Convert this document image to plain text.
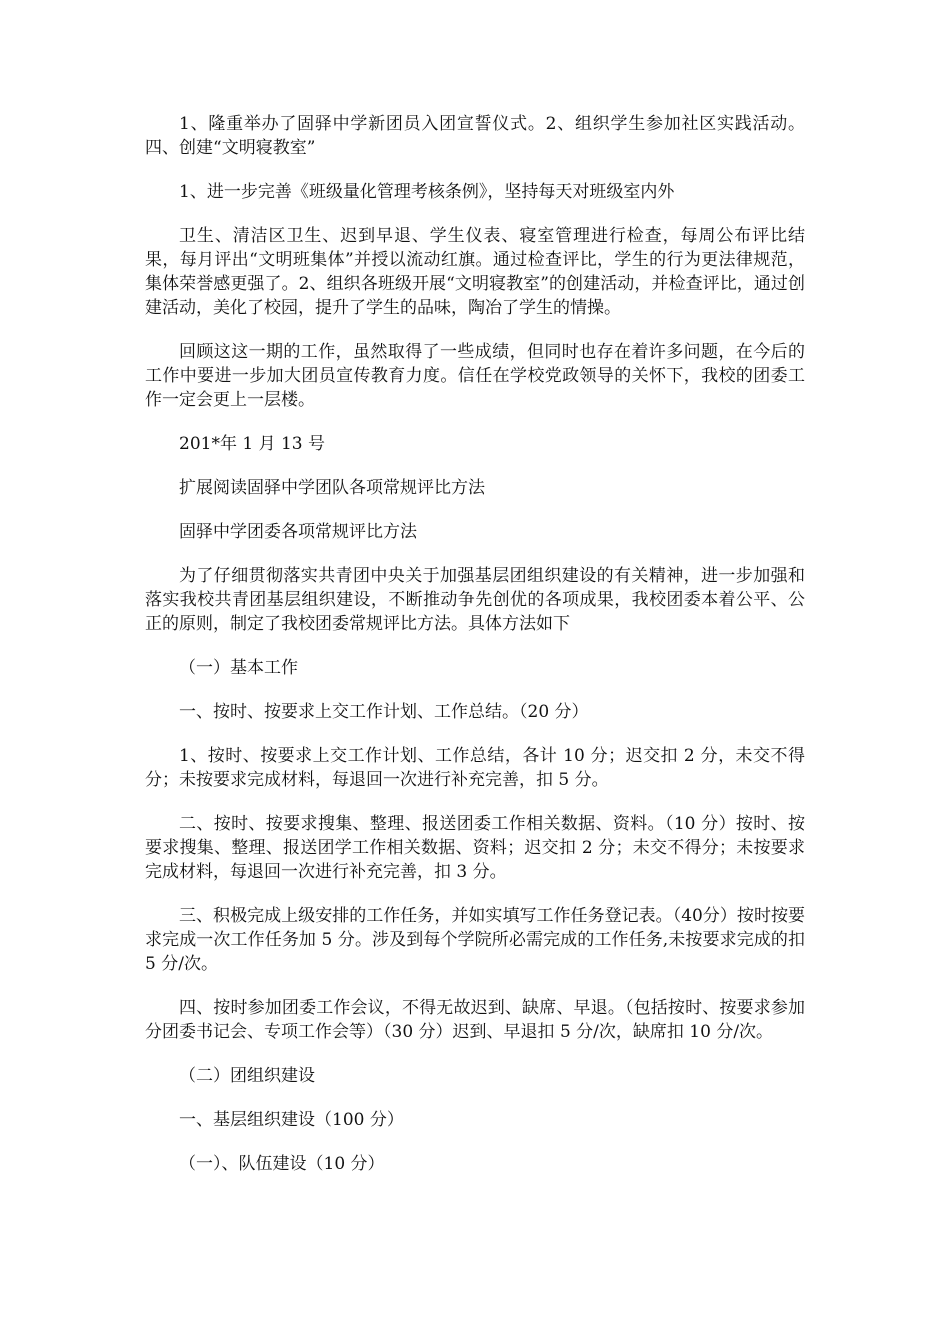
1、隆重举办了固驿中学新团员入团宣誓仪式。2、组织学生参加社区实践活动。四、创建“文明寝教室”

1、进一步完善《班级量化管理考核条例》，坚持每天对班级室内外

卫生、清洁区卫生、迟到早退、学生仪表、寝室管理进行检查，每周公布评比结果，每月评出“文明班集体”并授以流动红旗。通过检查评比，学生的行为更法律规范，集体荣誉感更强了。2、组织各班级开展“文明寝教室”的创建活动，并检查评比，通过创建活动，美化了校园，提升了学生的品味，陶冶了学生的情操。

回顾这这一期的工作，虽然取得了一些成绩，但同时也存在着许多问题，在今后的工作中要进一步加大团员宣传教育力度。信任在学校党政领导的关怀下，我校的团委工作一定会更上一层楼。

201*年 1 月 13 号

扩展阅读固驿中学团队各项常规评比方法

固驿中学团委各项常规评比方法

为了仔细贯彻落实共青团中央关于加强基层团组织建设的有关精神，进一步加强和落实我校共青团基层组织建设，不断推动争先创优的各项成果，我校团委本着公平、公正的原则，制定了我校团委常规评比方法。具体方法如下

（一）基本工作

一、按时、按要求上交工作计划、工作总结。（20 分）

1、按时、按要求上交工作计划、工作总结，各计 10 分；迟交扣 2 分，未交不得分；未按要求完成材料，每退回一次进行补充完善，扣 5 分。

二、按时、按要求搜集、整理、报送团委工作相关数据、资料。（10 分）按时、按要求搜集、整理、报送团学工作相关数据、资料；迟交扣 2 分；未交不得分；未按要求完成材料，每退回一次进行补充完善，扣 3 分。

三、积极完成上级安排的工作任务，并如实填写工作任务登记表。（40分）按时按要求完成一次工作任务加 5 分。涉及到每个学院所必需完成的工作任务,未按要求完成的扣 5 分/次。

四、按时参加团委工作会议，不得无故迟到、缺席、早退。（包括按时、按要求参加分团委书记会、专项工作会等）（30 分）迟到、早退扣 5 分/次，缺席扣 10 分/次。

（二）团组织建设

一、基层组织建设（100 分）

（一）、队伍建设（10 分）
